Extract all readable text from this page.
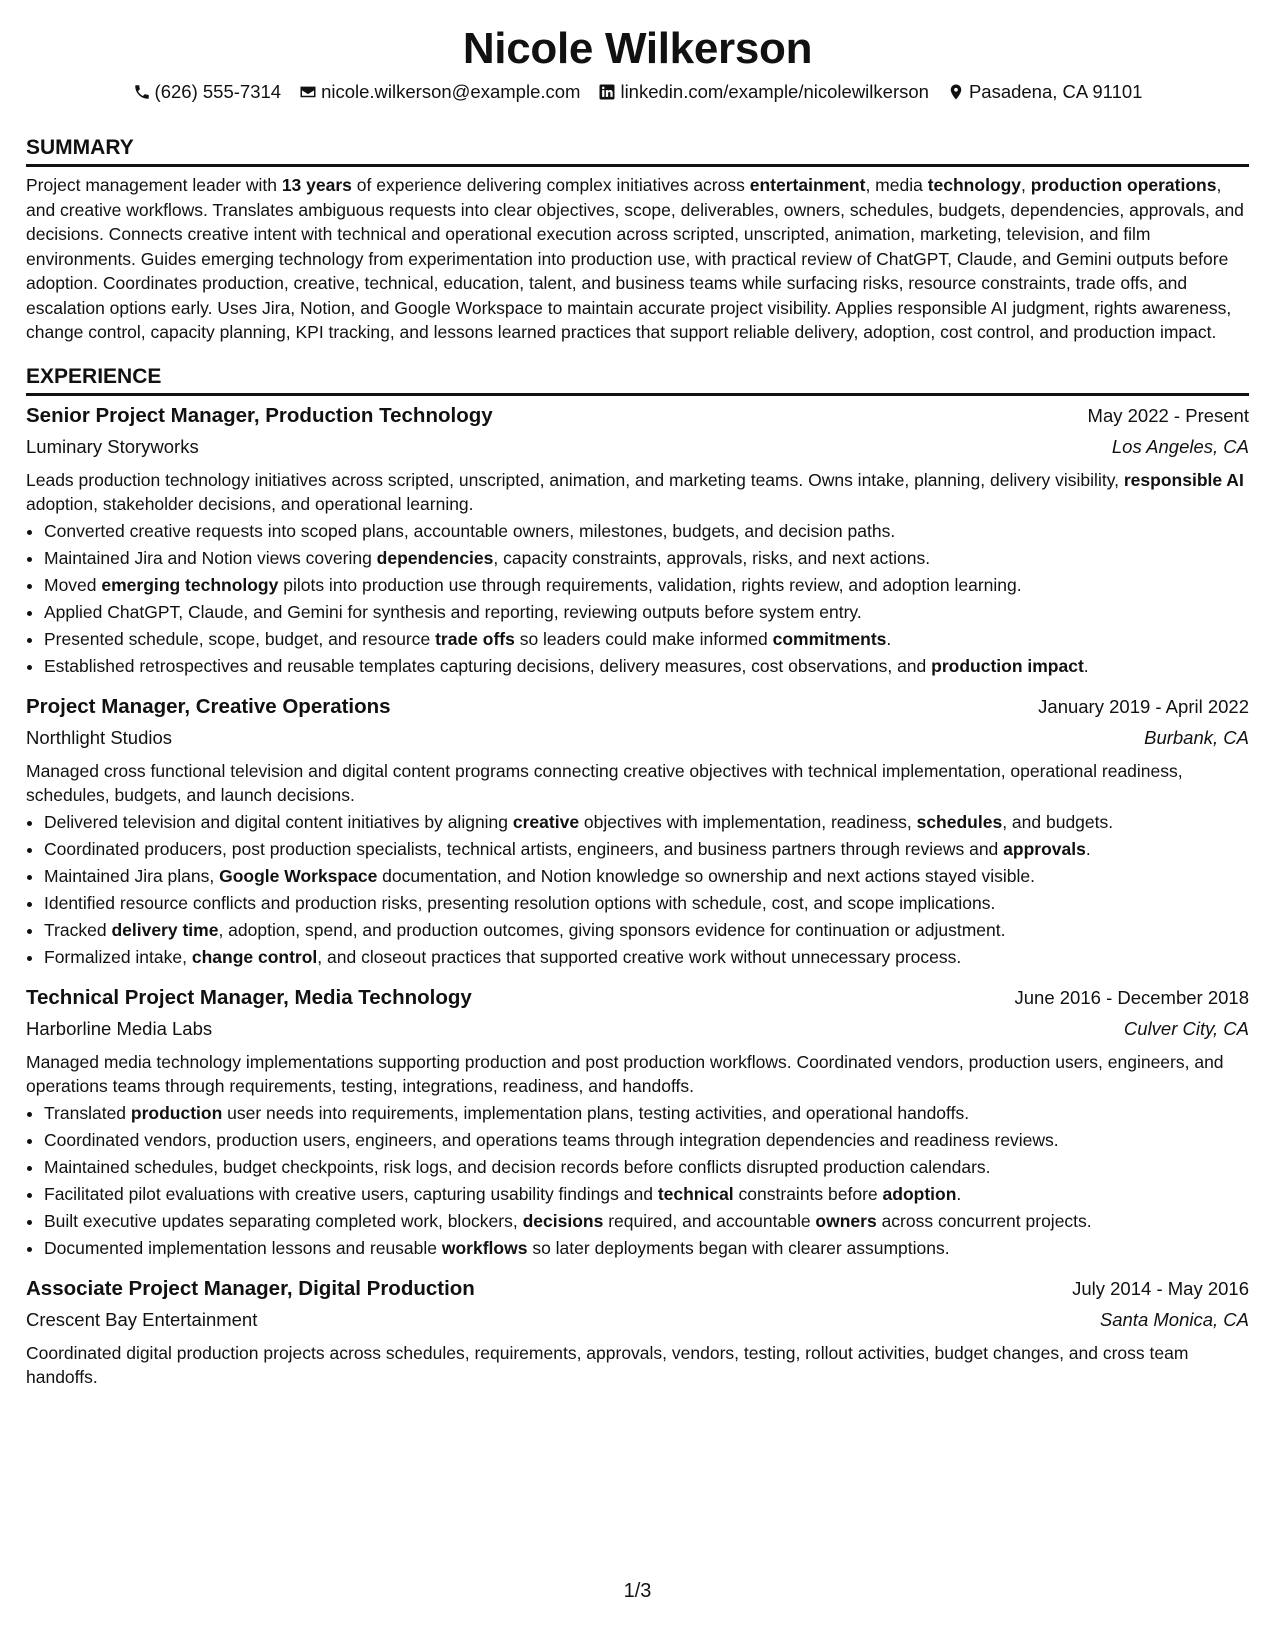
Nicole Wilkerson
(626) 555-7314 nicole.wilkerson@example.com linkedin.com/example/nicolewilkerson Pasadena, CA 91101
SUMMARY

Project management leader with 13 years of experience delivering complex initiatives across entertainment, media technology, production operations, and creative workflows. Translates ambiguous requests into clear objectives, scope, deliverables, owners, schedules, budgets, dependencies, approvals, and decisions. Connects creative intent with technical and operational execution across scripted, unscripted, animation, marketing, television, and film environments. Guides emerging technology from experimentation into production use, with practical review of ChatGPT, Claude, and Gemini outputs before adoption. Coordinates production, creative, technical, education, talent, and business teams while surfacing risks, resource constraints, trade offs, and escalation options early. Uses Jira, Notion, and Google Workspace to maintain accurate project visibility. Applies responsible AI judgment, rights awareness, change control, capacity planning, KPI tracking, and lessons learned practices that support reliable delivery, adoption, cost control, and production impact.

EXPERIENCE
Senior Project Manager, Production Technology	May 2022 - Present
Luminary Storyworks	Los Angeles, CA

Leads production technology initiatives across scripted, unscripted, animation, and marketing teams. Owns intake, planning, delivery visibility, responsible AI adoption, stakeholder decisions, and operational learning.

• Converted creative requests into scoped plans, accountable owners, milestones, budgets, and decision paths.
• Maintained Jira and Notion views covering dependencies, capacity constraints, approvals, risks, and next actions.
• Moved emerging technology pilots into production use through requirements, validation, rights review, and adoption learning.
• Applied ChatGPT, Claude, and Gemini for synthesis and reporting, reviewing outputs before system entry.
• Presented schedule, scope, budget, and resource trade offs so leaders could make informed commitments.
• Established retrospectives and reusable templates capturing decisions, delivery measures, cost observations, and production impact.
Project Manager, Creative Operations	January 2019 - April 2022
Northlight Studios	Burbank, CA

Managed cross functional television and digital content programs connecting creative objectives with technical implementation, operational readiness, schedules, budgets, and launch decisions.

• Delivered television and digital content initiatives by aligning creative objectives with implementation, readiness, schedules, and budgets.
• Coordinated producers, post production specialists, technical artists, engineers, and business partners through reviews and approvals.
• Maintained Jira plans, Google Workspace documentation, and Notion knowledge so ownership and next actions stayed visible.
• Identified resource conflicts and production risks, presenting resolution options with schedule, cost, and scope implications.
• Tracked delivery time, adoption, spend, and production outcomes, giving sponsors evidence for continuation or adjustment.
• Formalized intake, change control, and closeout practices that supported creative work without unnecessary process.
Technical Project Manager, Media Technology	June 2016 - December 2018
Harborline Media Labs	Culver City, CA

Managed media technology implementations supporting production and post production workflows. Coordinated vendors, production users, engineers, and operations teams through requirements, testing, integrations, readiness, and handoffs.

• Translated production user needs into requirements, implementation plans, testing activities, and operational handoffs.
• Coordinated vendors, production users, engineers, and operations teams through integration dependencies and readiness reviews.
• Maintained schedules, budget checkpoints, risk logs, and decision records before conflicts disrupted production calendars.
• Facilitated pilot evaluations with creative users, capturing usability findings and technical constraints before adoption.
• Built executive updates separating completed work, blockers, decisions required, and accountable owners across concurrent projects.
• Documented implementation lessons and reusable workflows so later deployments began with clearer assumptions.
Associate Project Manager, Digital Production	July 2014 - May 2016
Crescent Bay Entertainment	Santa Monica, CA

Coordinated digital production projects across schedules, requirements, approvals, vendors, testing, rollout activities, budget changes, and cross team handoffs.

1/3
